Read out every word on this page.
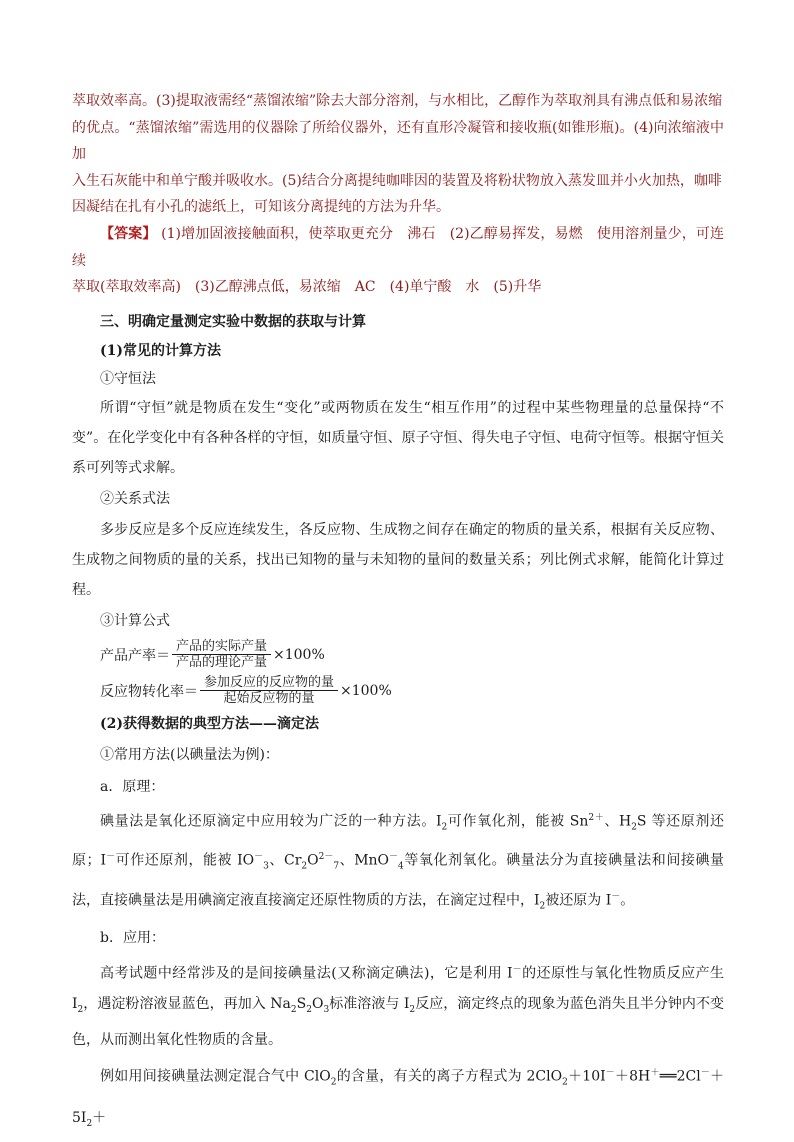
萃取效率高。(3)提取液需经“蒸馏浓缩”除去大部分溶剂，与水相比，乙醇作为萃取剂具有沸点低和易浓缩

的优点。“蒸馏浓缩”需选用的仪器除了所给仪器外，还有直形冷凝管和接收瓶(如锥形瓶)。(4)向浓缩液中加

入生石灰能中和单宁酸并吸收水。(5)结合分离提纯咖啡因的装置及将粉状物放入蒸发皿并小火加热，咖啡

因凝结在扎有小孔的滤纸上，可知该分离提纯的方法为升华。

【答案】 (1)增加固液接触面积，使萃取更充分　沸石　(2)乙醇易挥发，易燃　使用溶剂量少，可连续

萃取(萃取效率高)　(3)乙醇沸点低，易浓缩　AC　(4)单宁酸　水　(5)升华

三、明确定量测定实验中数据的获取与计算

(1)常见的计算方法

①守恒法

所谓“守恒”就是物质在发生“变化”或两物质在发生“相互作用”的过程中某些物理量的总量保持“不变”。在化学变化中有各种各样的守恒，如质量守恒、原子守恒、得失电子守恒、电荷守恒等。根据守恒关系可列等式求解。

②关系式法

多步反应是多个反应连续发生，各反应物、生成物之间存在确定的物质的量关系，根据有关反应物、生成物之间物质的量的关系，找出已知物的量与未知物的量间的数量关系；列比例式求解，能简化计算过程。

③计算公式

产品产率＝ $\frac{\text{产品的实际产量}}{\text{产品的理论产量}} \times 100\%$
反应物转化率＝ $\frac{\text{参加反应的反应物的量}}{\text{起始反应物的量}} \times 100\%$

(2)获得数据的典型方法——滴定法

①常用方法(以碘量法为例)：

a．原理：

碘量法是氧化还原滴定中应用较为广泛的一种方法。$I_2$可作氧化剂，能被 $Sn^{2+}$、$H_2S$ 等还原剂还原；I－可作还原剂，能被 $IO^-_3$、$Cr_2O^{2-}_7$、MnO－$_4$等氧化剂氧化。碘量法分为直接碘量法和间接碘量法，直接碘量法是用碘滴定液直接滴定还原性物质的方法，在滴定过程中，$I_2$被还原为 I－。

b．应用：

高考试题中经常涉及的是间接碘量法(又称滴定碘法)，它是利用 I－的还原性与氧化性物质反应产生 $I_2$，遇淀粉溶液显蓝色，再加入 $Na_2S_2O_3$标准溶液与 $I_2$反应，滴定终点的现象为蓝色消失且半分钟内不变色，从而测出氧化性物质的含量。

例如用间接碘量法测定混合气中 ClO$_2$的含量，有关的离子方程式为 $2ClO_2+10I^-+8H^+══2Cl^-+5I_2+$
